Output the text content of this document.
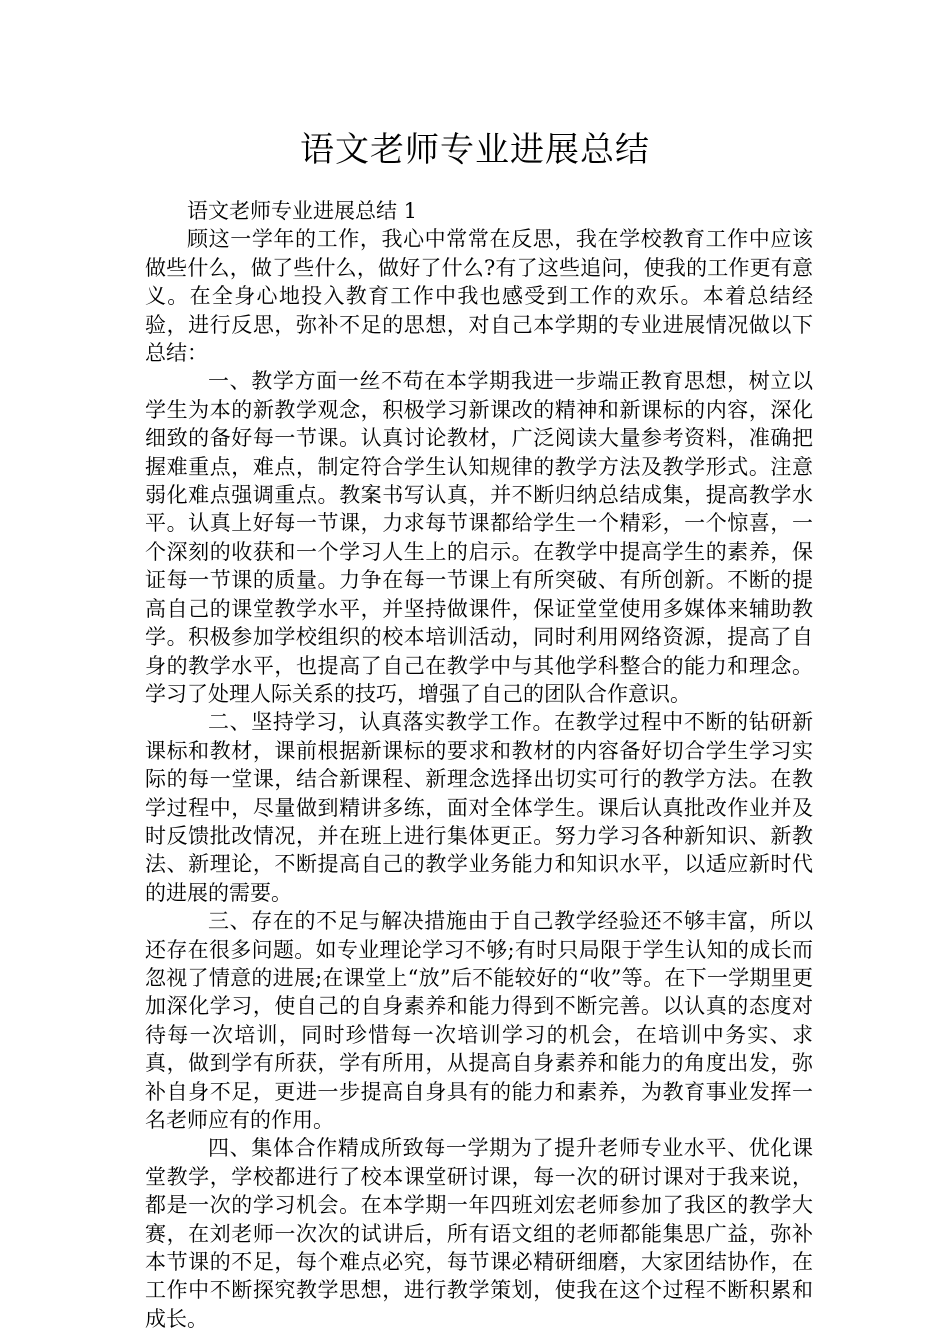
语文老师专业进展总结

语文老师专业进展总结 1

顾这一学年的工作，我心中常常在反思，我在学校教育工作中应该做些什么，做了些什么，做好了什么?有了这些追问，使我的工作更有意义。在全身心地投入教育工作中我也感受到工作的欢乐。本着总结经验，进行反思，弥补不足的思想，对自己本学期的专业进展情况做以下总结：

一、教学方面一丝不苟在本学期我进一步端正教育思想，树立以学生为本的新教学观念，积极学习新课改的精神和新课标的内容，深化细致的备好每一节课。认真讨论教材，广泛阅读大量参考资料，准确把握难重点，难点，制定符合学生认知规律的教学方法及教学形式。注意弱化难点强调重点。教案书写认真，并不断归纳总结成集，提高教学水平。认真上好每一节课，力求每节课都给学生一个精彩，一个惊喜，一个深刻的收获和一个学习人生上的启示。在教学中提高学生的素养，保证每一节课的质量。力争在每一节课上有所突破、有所创新。不断的提高自己的课堂教学水平，并坚持做课件，保证堂堂使用多媒体来辅助教学。积极参加学校组织的校本培训活动，同时利用网络资源，提高了自身的教学水平，也提高了自己在教学中与其他学科整合的能力和理念。学习了处理人际关系的技巧，增强了自己的团队合作意识。

二、坚持学习，认真落实教学工作。在教学过程中不断的钻研新课标和教材，课前根据新课标的要求和教材的内容备好切合学生学习实际的每一堂课，结合新课程、新理念选择出切实可行的教学方法。在教学过程中，尽量做到精讲多练，面对全体学生。课后认真批改作业并及时反馈批改情况，并在班上进行集体更正。努力学习各种新知识、新教法、新理论，不断提高自己的教学业务能力和知识水平，以适应新时代的进展的需要。

三、存在的不足与解决措施由于自己教学经验还不够丰富，所以还存在很多问题。如专业理论学习不够;有时只局限于学生认知的成长而忽视了情意的进展;在课堂上“放”后不能较好的“收”等。在下一学期里更加深化学习，使自己的自身素养和能力得到不断完善。以认真的态度对待每一次培训，同时珍惜每一次培训学习的机会，在培训中务实、求真，做到学有所获，学有所用，从提高自身素养和能力的角度出发，弥补自身不足，更进一步提高自身具有的能力和素养，为教育事业发挥一名老师应有的作用。

四、集体合作精成所致每一学期为了提升老师专业水平、优化课堂教学，学校都进行了校本课堂研讨课，每一次的研讨课对于我来说，都是一次的学习机会。在本学期一年四班刘宏老师参加了我区的教学大赛，在刘老师一次次的试讲后，所有语文组的老师都能集思广益，弥补本节课的不足，每个难点必究，每节课必精研细磨，大家团结协作，在工作中不断探究教学思想，进行教学策划，使我在这个过程不断积累和成长。
